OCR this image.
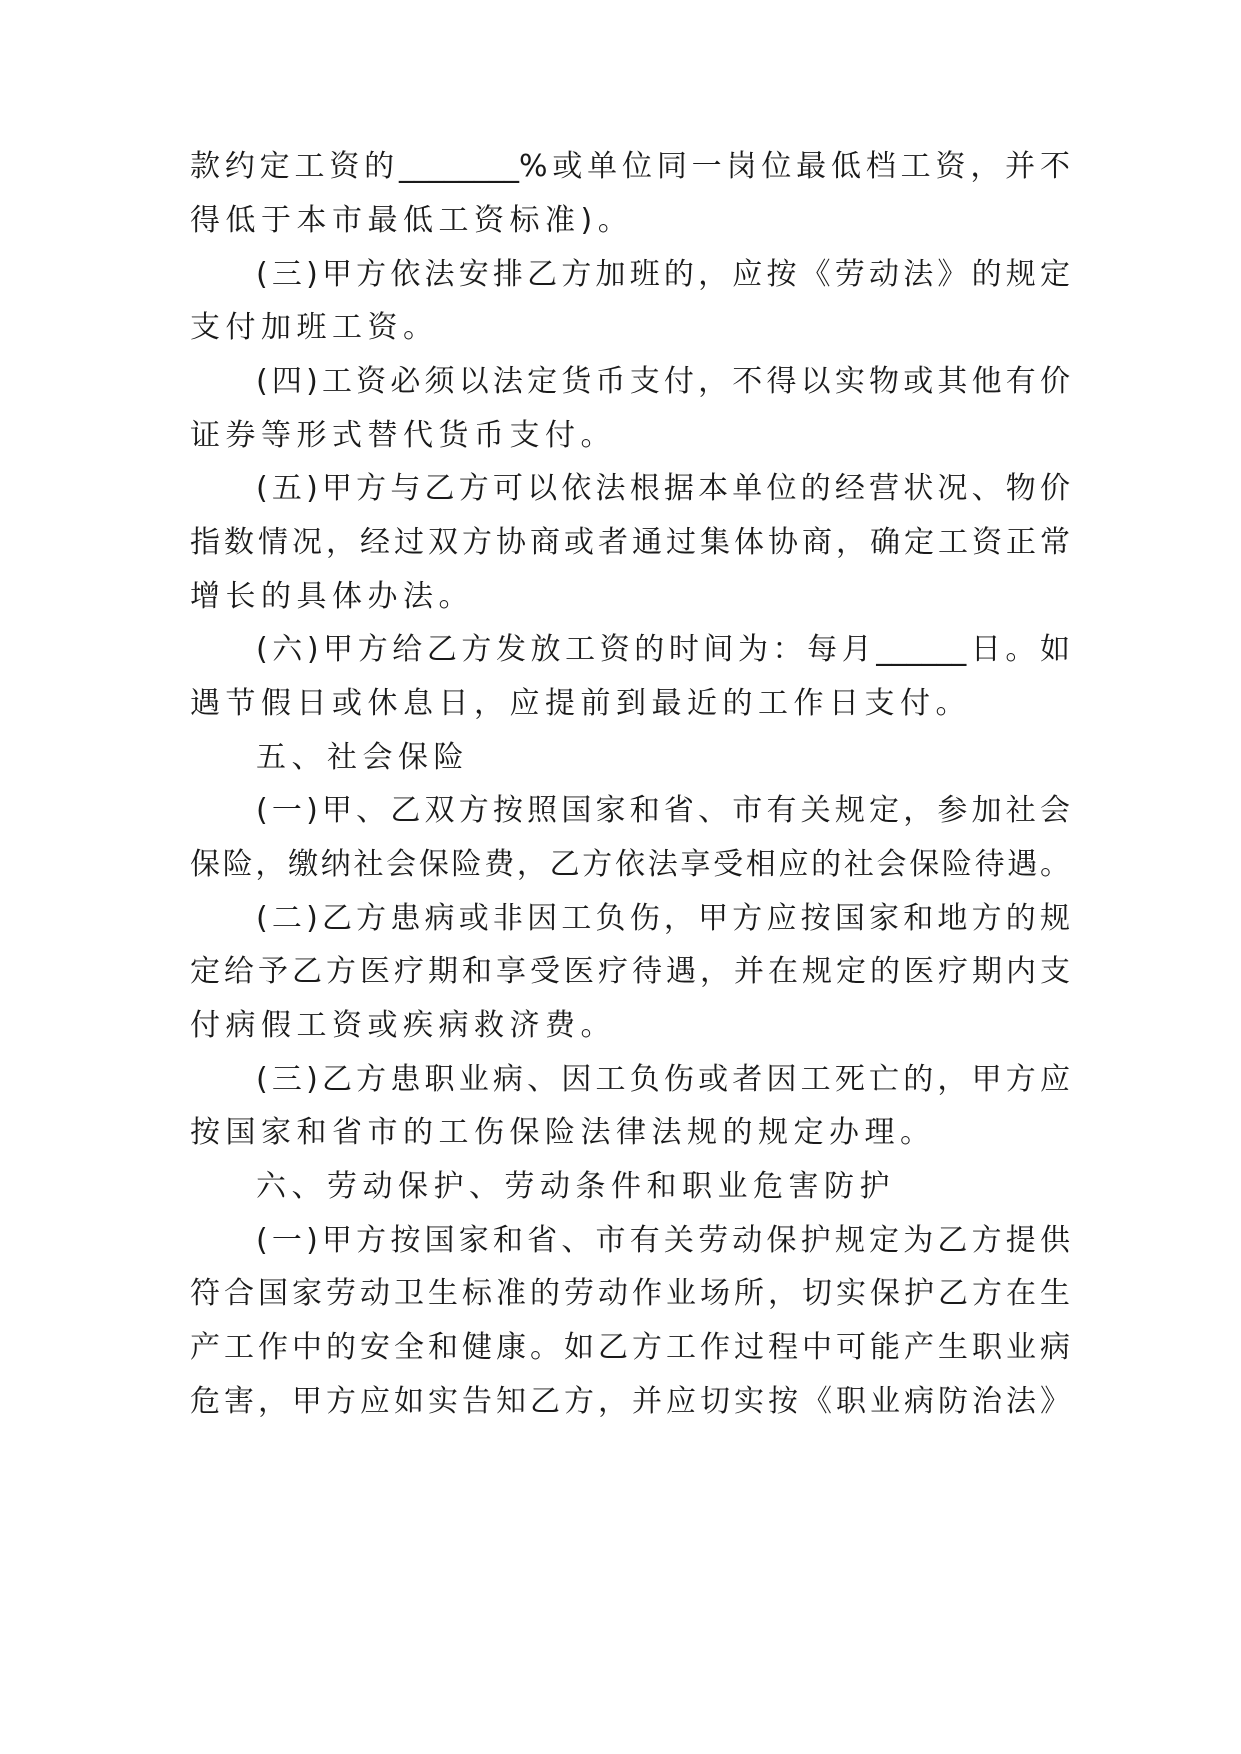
款约定工资的________%或单位同一岗位最低档工资，并不
得低于本市最低工资标准)。
(三)甲方依法安排乙方加班的，应按《劳动法》的规定
支付加班工资。
(四)工资必须以法定货币支付，不得以实物或其他有价
证券等形式替代货币支付。
(五)甲方与乙方可以依法根据本单位的经营状况、物价
指数情况，经过双方协商或者通过集体协商，确定工资正常
增长的具体办法。
(六)甲方给乙方发放工资的时间为：每月______日。如
遇节假日或休息日，应提前到最近的工作日支付。
五、社会保险
(一)甲、乙双方按照国家和省、市有关规定，参加社会
保险，缴纳社会保险费，乙方依法享受相应的社会保险待遇。
(二)乙方患病或非因工负伤，甲方应按国家和地方的规
定给予乙方医疗期和享受医疗待遇，并在规定的医疗期内支
付病假工资或疾病救济费。
(三)乙方患职业病、因工负伤或者因工死亡的，甲方应
按国家和省市的工伤保险法律法规的规定办理。
六、劳动保护、劳动条件和职业危害防护
(一)甲方按国家和省、市有关劳动保护规定为乙方提供
符合国家劳动卫生标准的劳动作业场所，切实保护乙方在生
产工作中的安全和健康。如乙方工作过程中可能产生职业病
危害，甲方应如实告知乙方，并应切实按《职业病防治法》
